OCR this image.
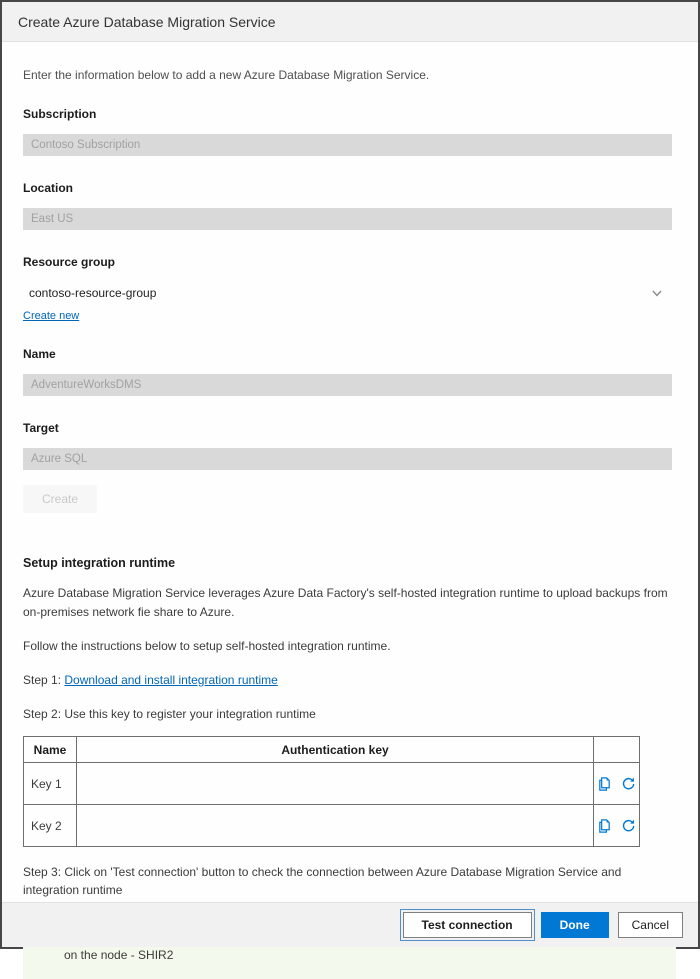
Create Azure Database Migration Service
Enter the information below to add a new Azure Database Migration Service.
Subscription
Contoso Subscription
Location
East US
Resource group
contoso-resource-group
Create new
Name
AdventureWorksDMS
Target
Azure SQL
Create
Setup integration runtime
Azure Database Migration Service leverages Azure Data Factory's self-hosted integration runtime to upload backups from on-premises network fie share to Azure.
Follow the instructions below to setup self-hosted integration runtime.
Step 1: Download and install integration runtime
Step 2: Use this key to register your integration runtime
Name	Authentication key	
Key 1		
Key 2		
Step 3: Click on 'Test connection' button to check the connection between Azure Database Migration Service and integration runtime
on the node - SHIR2
Test connection	Done	Cancel
